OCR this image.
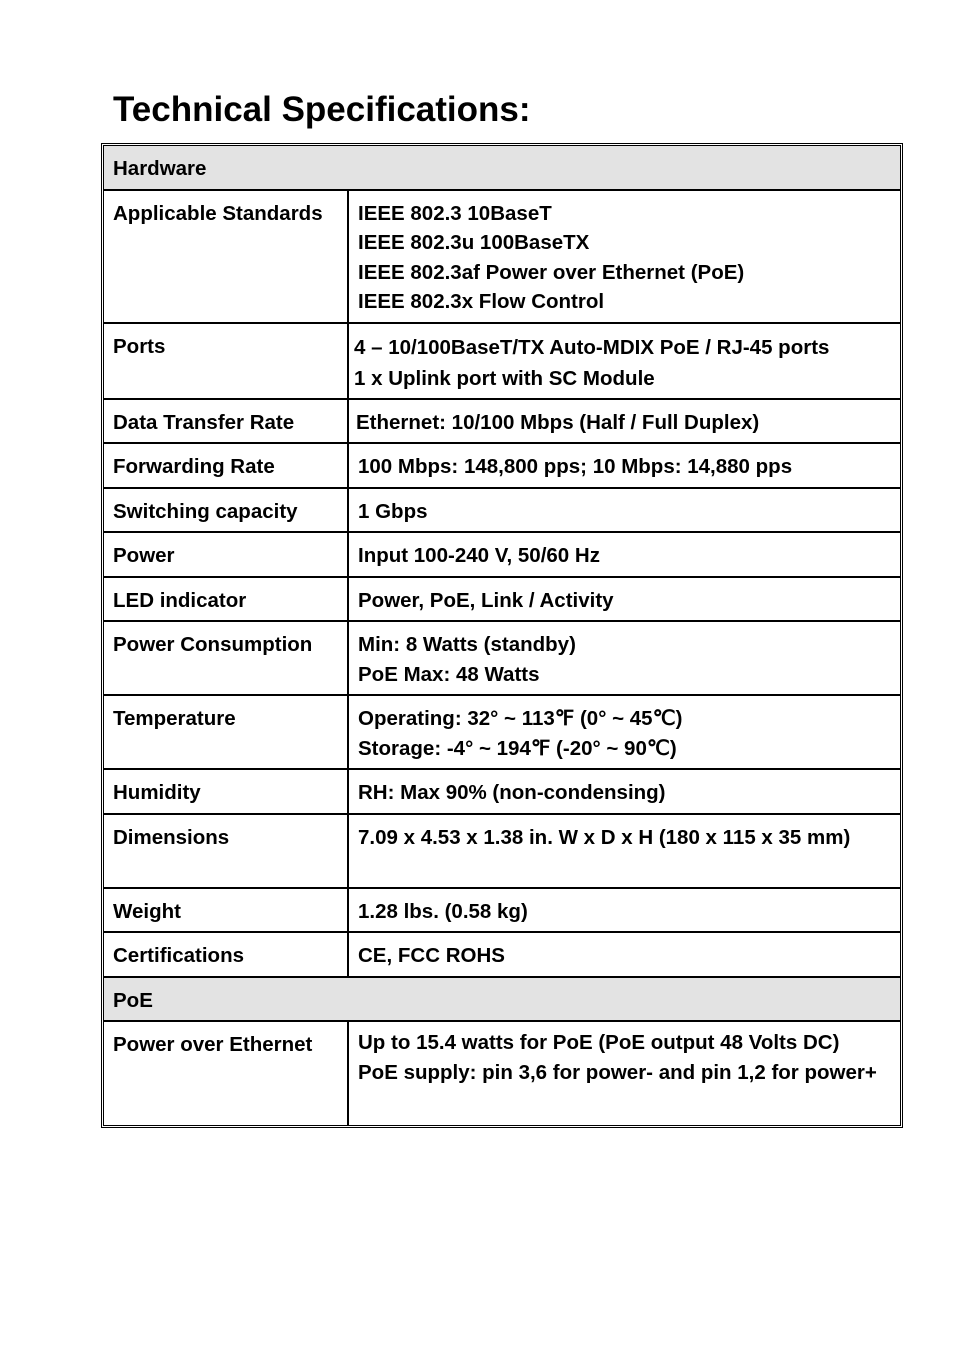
Technical Specifications:
Hardware	
Applicable Standards	IEEE 802.3 10BaseT
IEEE 802.3u 100BaseTX
IEEE 802.3af Power over Ethernet (PoE)
IEEE 802.3x Flow Control

Ports	4 – 10/100BaseT/TX Auto-MDIX PoE / RJ-45 ports
1 x Uplink port with SC Module

Data Transfer Rate	Ethernet: 10/100 Mbps (Half / Full Duplex)

Forwarding Rate	100 Mbps: 148,800 pps; 10 Mbps: 14,880 pps

Switching capacity	1 Gbps

Power	Input 100-240 V, 50/60 Hz

LED indicator	Power, PoE, Link / Activity

Power Consumption	Min: 8 Watts (standby)
PoE Max: 48 Watts

Temperature	Operating: 32° ~ 113℉ (0° ~ 45℃)
Storage: -4° ~ 194℉ (-20° ~ 90℃)

Humidity	RH: Max 90% (non-condensing)

Dimensions	7.09 x 4.53 x 1.38 in. W x D x H (180 x 115 x 35 mm)
Weight	1.28 lbs. (0.58 kg)

Certifications	CE, FCC ROHS

PoE	
Power over Ethernet	Up to 15.4 watts for PoE (PoE output 48 Volts DC)
PoE supply: pin 3,6 for power- and pin 1,2 for power+
